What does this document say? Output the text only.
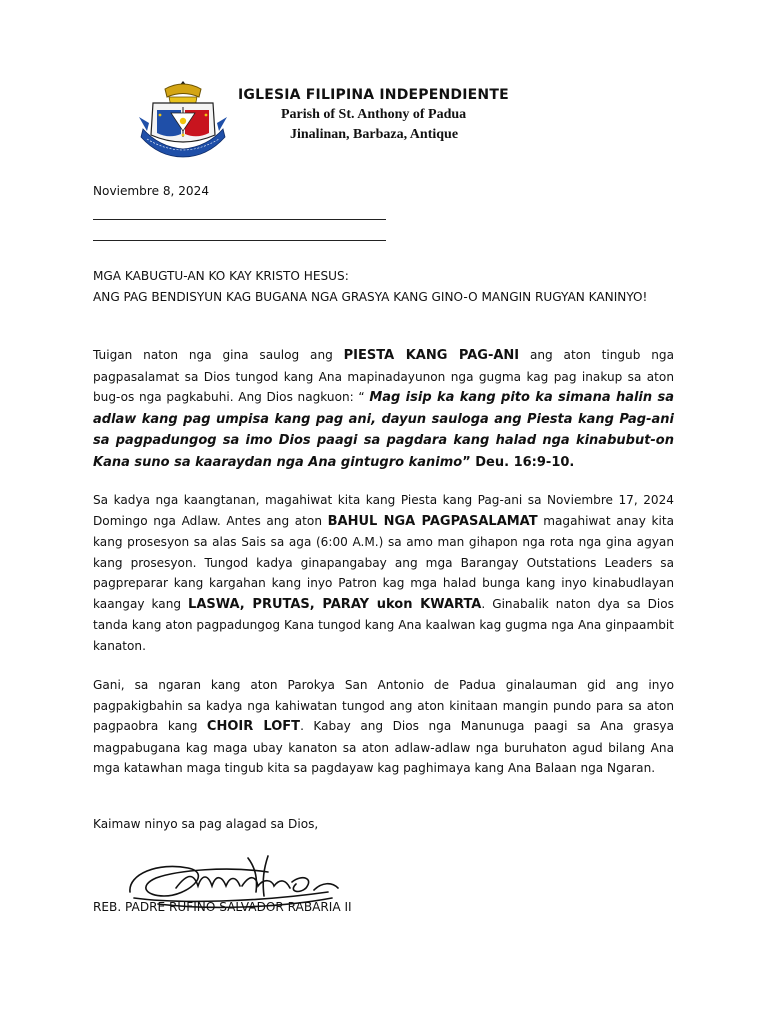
IGLESIA FILIPINA INDEPENDIENTE
Parish of St. Anthony of Padua
Jinalinan, Barbaza, Antique
Noviembre 8, 2024

MGA KABUGTU-AN KO KAY KRISTO HESUS:

ANG PAG BENDISYUN KAG BUGANA NGA GRASYA KANG GINO-O MANGIN RUGYAN KANINYO!

Tuigan naton nga gina saulog ang PIESTA KANG PAG-ANI ang aton tingub nga pagpasalamat sa Dios tungod kang Ana mapinadayunon nga gugma kag pag inakup sa aton bug-os nga pagkabuhi. Ang Dios nagkuon: “ Mag isip ka kang pito ka simana halin sa adlaw kang pag umpisa kang pag ani, dayun sauloga ang Piesta kang Pag-ani sa pagpadungog sa imo Dios paagi sa pagdara kang halad nga kinabubut-on Kana suno sa kaaraydan nga Ana gintugro kanimo” Deu. 16:9-10.

Sa kadya nga kaangtanan, magahiwat kita kang Piesta kang Pag-ani sa Noviembre 17, 2024 Domingo nga Adlaw. Antes ang aton BAHUL NGA PAGPASALAMAT magahiwat anay kita kang prosesyon sa alas Sais sa aga (6:00 A.M.) sa amo man gihapon nga rota nga gina agyan kang prosesyon. Tungod kadya ginapangabay ang mga Barangay Outstations Leaders sa pagpreparar kang kargahan kang inyo Patron kag mga halad bunga kang inyo kinabudlayan kaangay kang LASWA, PRUTAS, PARAY ukon KWARTA. Ginabalik naton dya sa Dios tanda kang aton pagpadungog Kana tungod kang Ana kaalwan kag gugma nga Ana ginpaambit kanaton.

Gani, sa ngaran kang aton Parokya San Antonio de Padua ginalauman gid ang inyo pagpakigbahin sa kadya nga kahiwatan tungod ang aton kinitaan mangin pundo para sa aton pagpaobra kang CHOIR LOFT. Kabay ang Dios nga Manunuga paagi sa Ana grasya magpabugana kag maga ubay kanaton sa aton adlaw-adlaw nga buruhaton agud bilang Ana mga katawhan maga tingub kita sa pagdayaw kag paghimaya kang Ana Balaan nga Ngaran.

Kaimaw ninyo sa pag alagad sa Dios,
REB. PADRE RUFINO SALVADOR RABARIA II
